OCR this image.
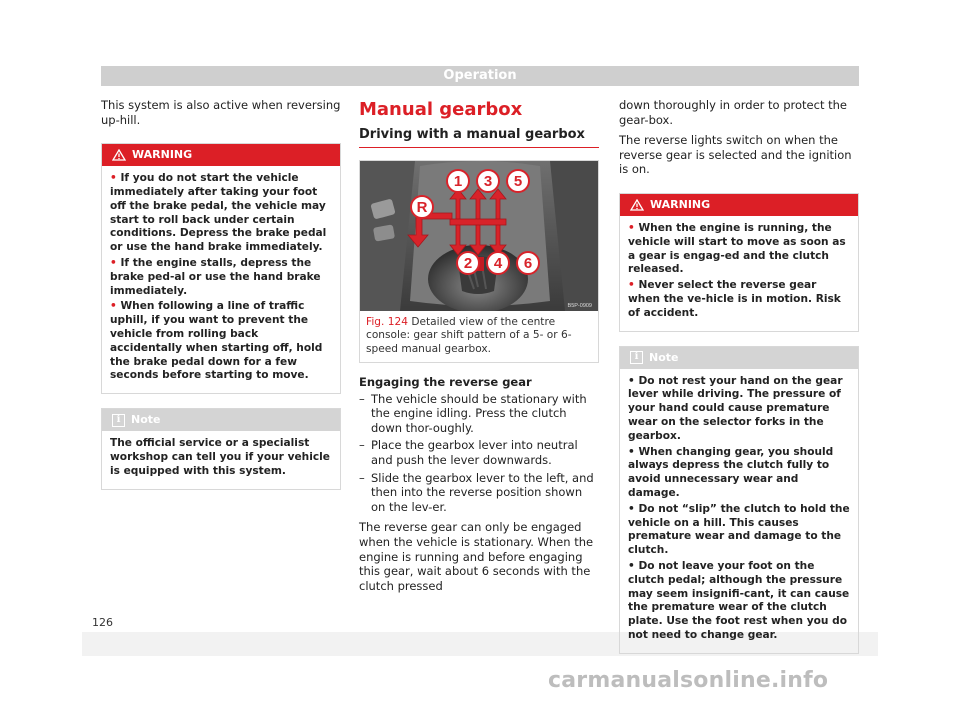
Operation

This system is also active when reversing up-hill.

WARNING
• If you do not start the vehicle immediately after taking your foot off the brake pedal, the vehicle may start to roll back under certain conditions. Depress the brake pedal or use the hand brake immediately.
• If the engine stalls, depress the brake ped-al or use the hand brake immediately.
• When following a line of traffic uphill, if you want to prevent the vehicle from rolling back accidentally when starting off, hold the brake pedal down for a few seconds before starting to move.
i Note
The official service or a specialist workshop can tell you if your vehicle is equipped with this system.
Manual gearbox
Driving with a manual gearbox
1 3 5
R
2 4 6
B5P-0909
Fig. 124 Detailed view of the centre console: gear shift pattern of a 5- or 6-speed manual gearbox.
Engaging the reverse gear
– The vehicle should be stationary with the engine idling. Press the clutch down thor-oughly.
– Place the gearbox lever into neutral and push the lever downwards.
– Slide the gearbox lever to the left, and then into the reverse position shown on the lev-er.

The reverse gear can only be engaged when the vehicle is stationary. When the engine is running and before engaging this gear, wait about 6 seconds with the clutch pressed

down thoroughly in order to protect the gear-box.

The reverse lights switch on when the reverse gear is selected and the ignition is on.

WARNING
• When the engine is running, the vehicle will start to move as soon as a gear is engag-ed and the clutch released.
• Never select the reverse gear when the ve-hicle is in motion. Risk of accident.
i Note
• Do not rest your hand on the gear lever while driving. The pressure of your hand could cause premature wear on the selector forks in the gearbox.
• When changing gear, you should always depress the clutch fully to avoid unnecessary wear and damage.
• Do not “slip” the clutch to hold the vehicle on a hill. This causes premature wear and damage to the clutch.
• Do not leave your foot on the clutch pedal; although the pressure may seem insignifi-cant, it can cause the premature wear of the clutch plate. Use the foot rest when you do not need to change gear.
126
carmanualsonline.info
